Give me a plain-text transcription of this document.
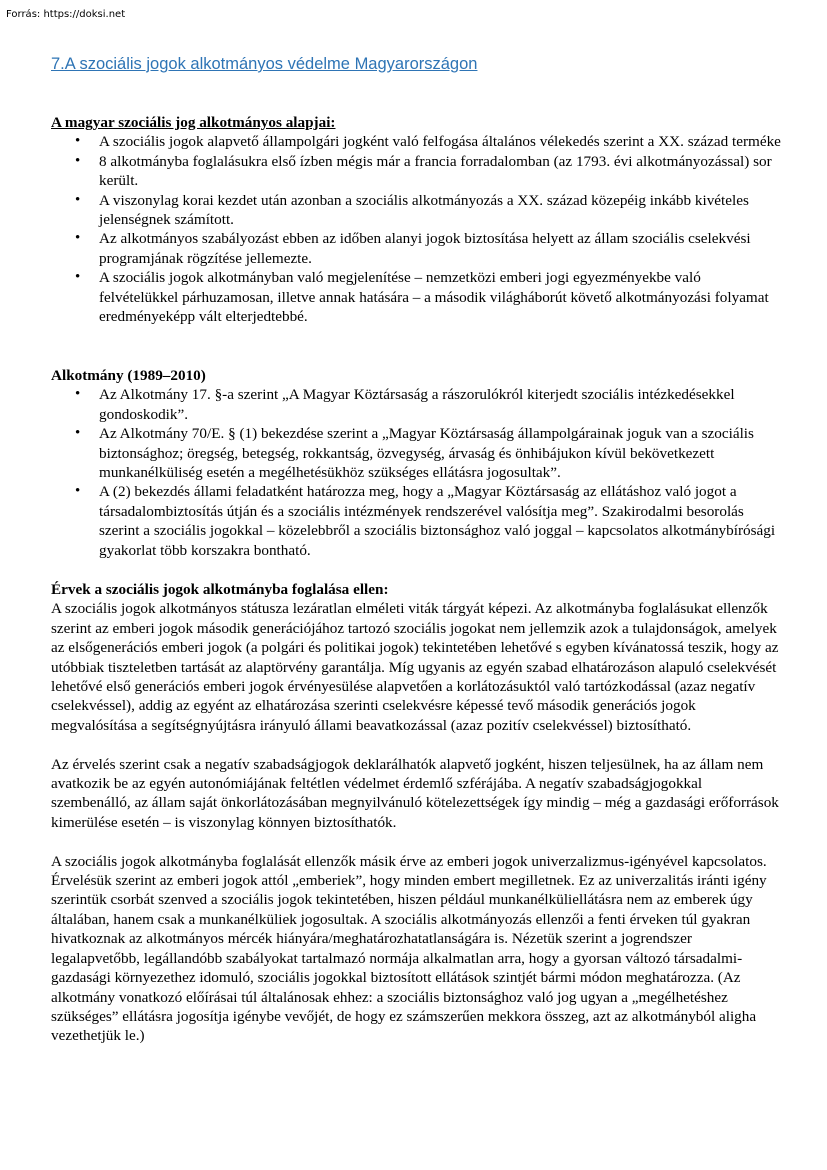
Forrás: https://doksi.net
7.A szociális jogok alkotmányos védelme Magyarországon
A magyar szociális jog alkotmányos alapjai:
• A szociális jogok alapvető állampolgári jogként való felfogása általános vélekedés szerint a XX. század terméke
• 8 alkotmányba foglalásukra első ízben mégis már a francia forradalomban (az 1793. évi alkotmányozással) sor került.
• A viszonylag korai kezdet után azonban a szociális alkotmányozás a XX. század közepéig inkább kivételes jelenségnek számított.
• Az alkotmányos szabályozást ebben az időben alanyi jogok biztosítása helyett az állam szociális cselekvési programjának rögzítése jellemezte.
• A szociális jogok alkotmányban való megjelenítése – nemzetközi emberi jogi egyezményekbe való felvételükkel párhuzamosan, illetve annak hatására – a második világháborút követő alkotmányozási folyamat eredményeképp vált elterjedtebbé.
Alkotmány (1989–2010)
• Az Alkotmány 17. §-a szerint „A Magyar Köztársaság a rászorulókról kiterjedt szociális intézkedésekkel gondoskodik”.
• Az Alkotmány 70/E. § (1) bekezdése szerint a „Magyar Köztársaság állampolgárainak joguk van a szociális biztonsághoz; öregség, betegség, rokkantság, özvegység, árvaság és önhibájukon kívül bekövetkezett munkanélküliség esetén a megélhetésükhöz szükséges ellátásra jogosultak”.
• A (2) bekezdés állami feladatként határozza meg, hogy a „Magyar Köztársaság az ellátáshoz való jogot a társadalombiztosítás útján és a szociális intézmények rendszerével valósítja meg”. Szakirodalmi besorolás szerint a szociális jogokkal – közelebbről a szociális biztonsághoz való joggal – kapcsolatos alkotmánybírósági gyakorlat több korszakra bontható.
Érvek a szociális jogok alkotmányba foglalása ellen:

A szociális jogok alkotmányos státusza lezáratlan elméleti viták tárgyát képezi. Az alkotmányba foglalásukat ellenzők szerint az emberi jogok második generációjához tartozó szociális jogokat nem jellemzik azok a tulajdonságok, amelyek az elsőgenerációs emberi jogok (a polgári és politikai jogok) tekintetében lehetővé s egyben kívánatossá teszik, hogy az utóbbiak tiszteletben tartását az alaptörvény garantálja. Míg ugyanis az egyén szabad elhatározáson alapuló cselekvését lehetővé első generációs emberi jogok érvényesülése alapvetően a korlátozásuktól való tartózkodással (azaz negatív cselekvéssel), addig az egyént az elhatározása szerinti cselekvésre képessé tevő második generációs jogok megvalósítása a segítségnyújtásra irányuló állami beavatkozással (azaz pozitív cselekvéssel) biztosítható.

Az érvelés szerint csak a negatív szabadságjogok deklarálhatók alapvető jogként, hiszen teljesülnek, ha az állam nem avatkozik be az egyén autonómiájának feltétlen védelmet érdemlő szférájába. A negatív szabadságjogokkal szembenálló, az állam saját önkorlátozásában megnyilvánuló kötelezettségek így mindig – még a gazdasági erőforrások kimerülése esetén – is viszonylag könnyen biztosíthatók.

A szociális jogok alkotmányba foglalását ellenzők másik érve az emberi jogok univerzalizmus-igényével kapcsolatos. Érvelésük szerint az emberi jogok attól „emberiek”, hogy minden embert megilletnek. Ez az univerzalitás iránti igény szerintük csorbát szenved a szociális jogok tekintetében, hiszen például munkanélküliellátásra nem az emberek úgy általában, hanem csak a munkanélküliek jogosultak. A szociális alkotmányozás ellenzői a fenti érveken túl gyakran hivatkoznak az alkotmányos mércék hiányára/meghatározhatatlanságára is. Nézetük szerint a jogrendszer legalapvetőbb, legállandóbb szabályokat tartalmazó normája alkalmatlan arra, hogy a gyorsan változó társadalmi-gazdasági környezethez idomuló, szociális jogokkal biztosított ellátások szintjét bármi módon meghatározza. (Az alkotmány vonatkozó előírásai túl általánosak ehhez: a szociális biztonsághoz való jog ugyan a „megélhetéshez szükséges” ellátásra jogosítja igénybe vevőjét, de hogy ez számszerűen mekkora összeg, azt az alkotmányból aligha vezethetjük le.)
